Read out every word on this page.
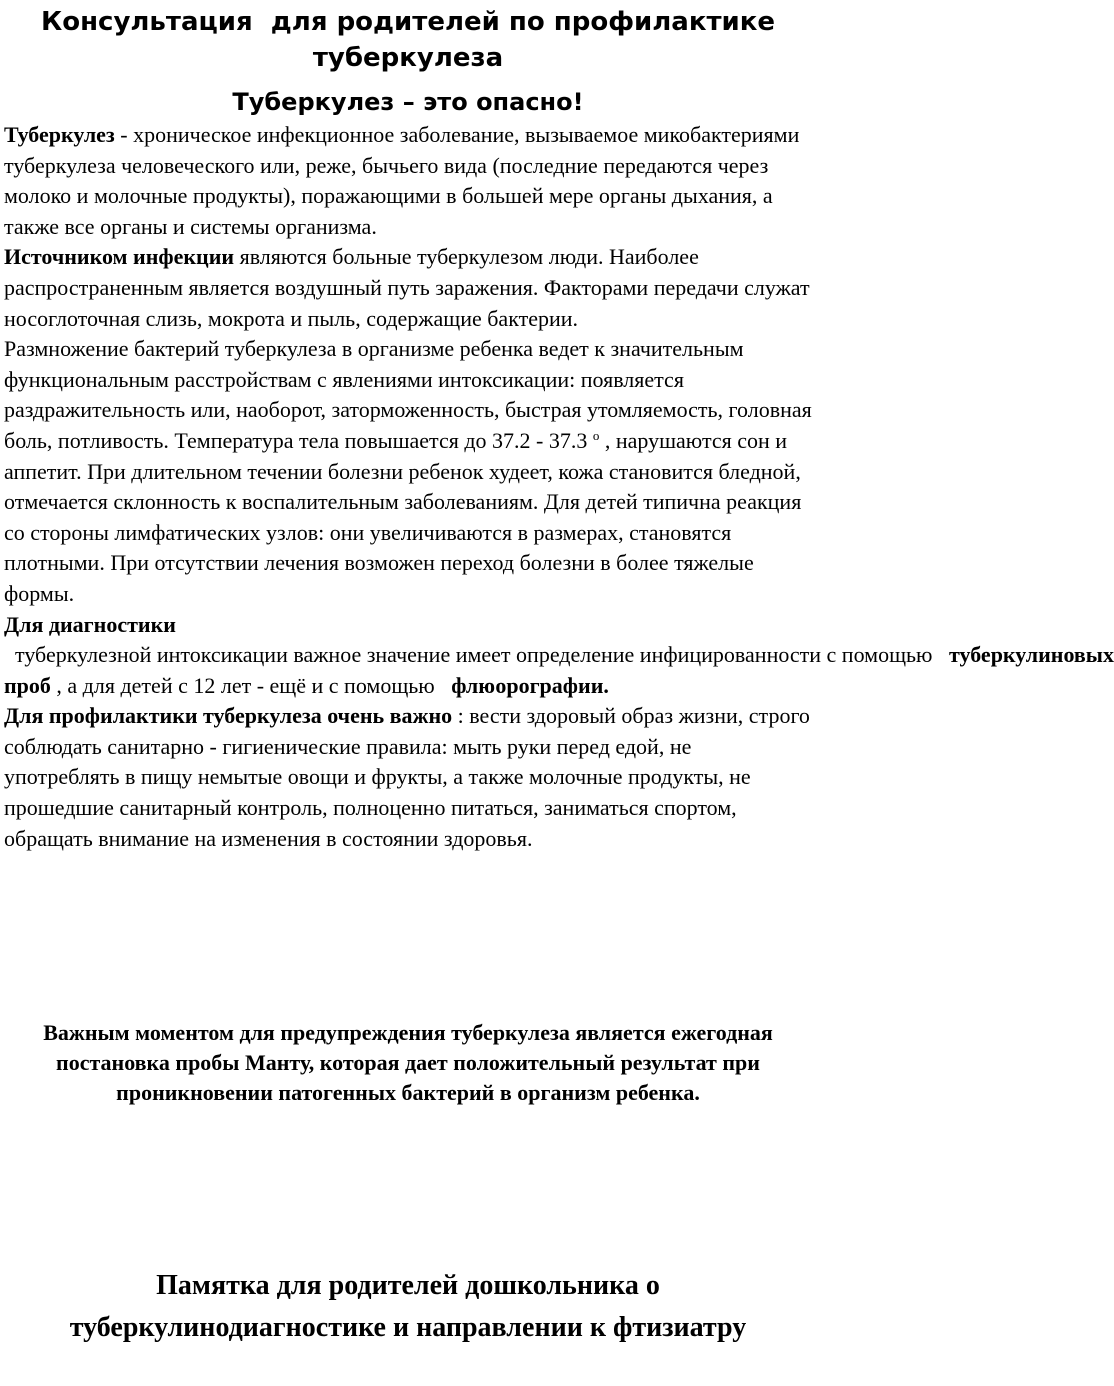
Консультация  для родителей по профилактике
туберкулеза
Туберкулез – это опасно!

Туберкулез - хроническое инфекционное заболевание, вызываемое микобактериями туберкулеза человеческого или, реже, бычьего вида (последние передаются через молоко и молочные продукты), поражающими в большей мере органы дыхания, а также все органы и системы организма.

Источником инфекции являются больные туберкулезом люди. Наиболее распространенным является воздушный путь заражения. Факторами передачи служат носоглоточная слизь, мокрота и пыль, содержащие бактерии.

Размножение бактерий туберкулеза в организме ребенка ведет к значительным функциональным расстройствам с явлениями интоксикации: появляется раздражительность или, наоборот, заторможенность, быстрая утомляемость, головная боль, потливость. Температура тела повышается до 37.2 - 37.3 $^о$ , нарушаются сон и аппетит. При длительном течении болезни ребенок худеет, кожа становится бледной, отмечается склонность к воспалительным заболеваниям. Для детей типична реакция со стороны лимфатических узлов: они увеличиваются в размерах, становятся плотными. При отсутствии лечения возможен переход болезни в более тяжелые формы.

Для диагностики  туберкулезной интоксикации важное значение имеет определение инфицированности с помощью   туберкулиновых проб , а для детей с 12 лет - ещё и с помощью   флюорографии.

Для профилактики туберкулеза очень важно : вести здоровый образ жизни, строго соблюдать санитарно - гигиенические правила: мыть руки перед едой, не употреблять в пищу немытые овощи и фрукты, а также молочные продукты, не прошедшие санитарный контроль, полноценно питаться, заниматься спортом, обращать внимание на изменения в состоянии здоровья.

Важным моментом для предупреждения туберкулеза является ежегодная постановка пробы Манту, которая дает положительный результат при проникновении патогенных бактерий в организм ребенка.

Памятка для родителей дошкольника о туберкулинодиагностике и направлении к фтизиатру
